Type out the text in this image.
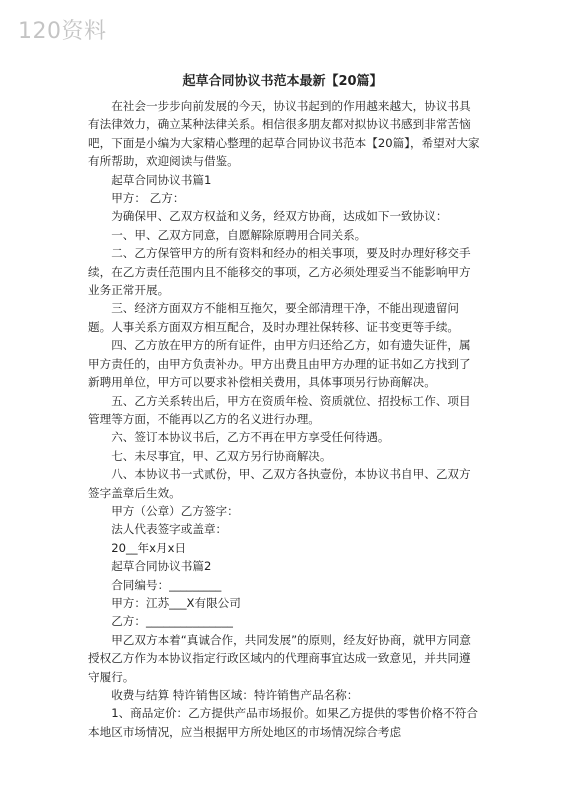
120资料
起草合同协议书范本最新【20篇】

在社会一步步向前发展的今天，协议书起到的作用越来越大，协议书具有法律效力，确立某种法律关系。相信很多朋友都对拟协议书感到非常苦恼吧，下面是小编为大家精心整理的起草合同协议书范本【20篇】，希望对大家有所帮助，欢迎阅读与借鉴。

起草合同协议书篇1

甲方： 乙方：

为确保甲、乙双方权益和义务，经双方协商，达成如下一致协议：

一、甲、乙双方同意，自愿解除原聘用合同关系。

二、乙方保管甲方的所有资料和经办的相关事项，要及时办理好移交手续，在乙方责任范围内且不能移交的事项，乙方必须处理妥当不能影响甲方业务正常开展。

三、经济方面双方不能相互拖欠，要全部清理干净，不能出现遗留问题。人事关系方面双方相互配合，及时办理社保转移、证书变更等手续。

四、乙方放在甲方的所有证件，由甲方归还给乙方，如有遗失证件，属甲方责任的，由甲方负责补办。甲方出费且由甲方办理的证书如乙方找到了新聘用单位，甲方可以要求补偿相关费用，具体事项另行协商解决。

五、乙方关系转出后，甲方在资质年检、资质就位、招投标工作、项目管理等方面，不能再以乙方的名义进行办理。

六、签订本协议书后，乙方不再在甲方享受任何待遇。

七、未尽事宜，甲、乙双方另行协商解决。

八、本协议书一式贰份，甲、乙双方各执壹份，本协议书自甲、乙双方签字盖章后生效。

甲方（公章）乙方签字：

法人代表签字或盖章：

20__年x月x日

起草合同协议书篇2

合同编号：_________

甲方：江苏___X有限公司

乙方：_______________

甲乙双方本着“真诚合作，共同发展”的原则，经友好协商，就甲方同意授权乙方作为本协议指定行政区域内的代理商事宜达成一致意见，并共同遵守履行。

收费与结算 特许销售区域：特许销售产品名称：

1、商品定价：乙方提供产品市场报价。如果乙方提供的零售价格不符合本地区市场情况，应当根据甲方所处地区的市场情况综合考虑
